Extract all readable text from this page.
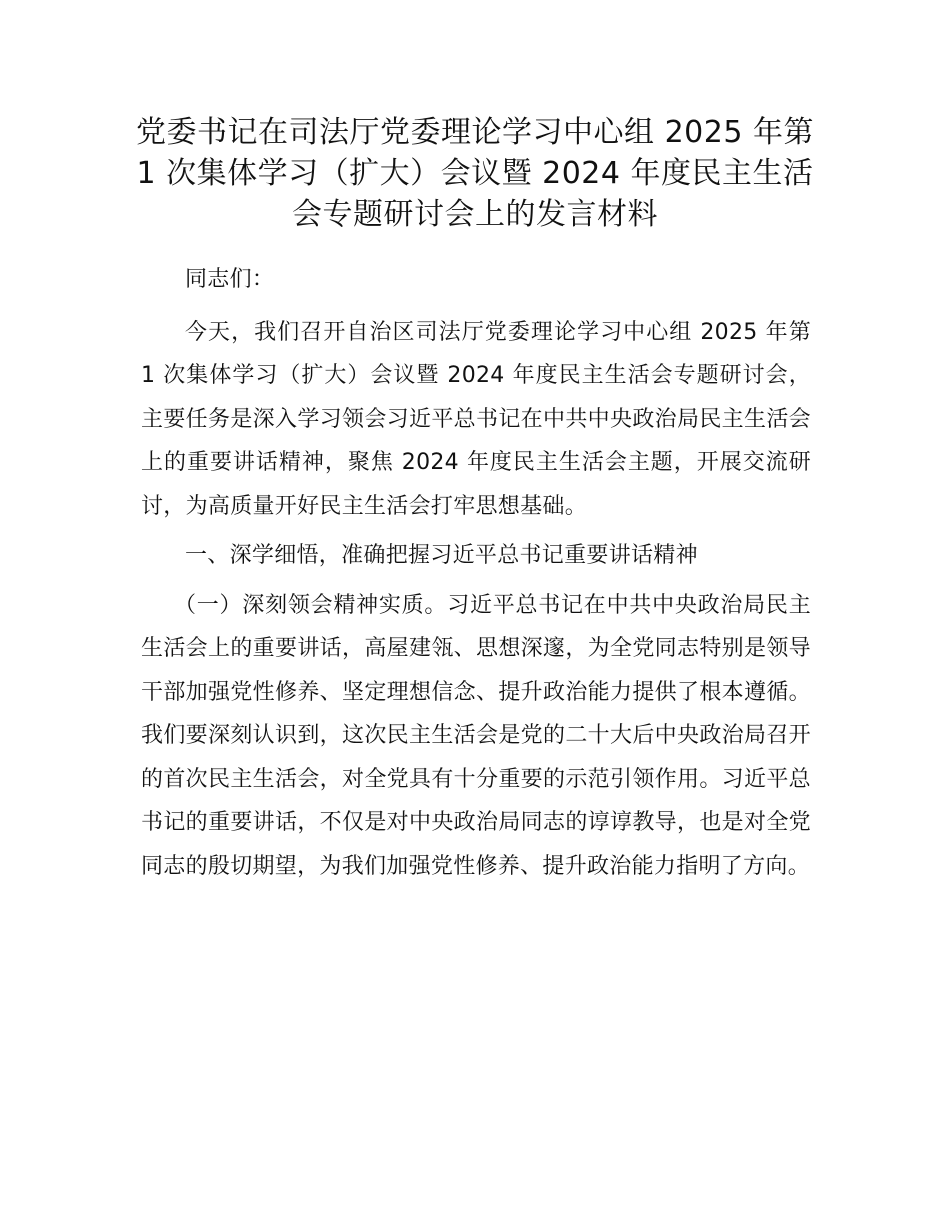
党委书记在司法厅党委理论学习中心组 2025 年第 1 次集体学习（扩大）会议暨 2024 年度民主生活会专题研讨会上的发言材料

同志们：

今天，我们召开自治区司法厅党委理论学习中心组 2025 年第 1 次集体学习（扩大）会议暨 2024 年度民主生活会专题研讨会，主要任务是深入学习领会习近平总书记在中共中央政治局民主生活会上的重要讲话精神，聚焦 2024 年度民主生活会主题，开展交流研讨，为高质量开好民主生活会打牢思想基础。

一、深学细悟，准确把握习近平总书记重要讲话精神

（一）深刻领会精神实质。习近平总书记在中共中央政治局民主生活会上的重要讲话，高屋建瓴、思想深邃，为全党同志特别是领导干部加强党性修养、坚定理想信念、提升政治能力提供了根本遵循。我们要深刻认识到，这次民主生活会是党的二十大后中央政治局召开的首次民主生活会，对全党具有十分重要的示范引领作用。习近平总书记的重要讲话，不仅是对中央政治局同志的谆谆教导，也是对全党同志的殷切期望，为我们加强党性修养、提升政治能力指明了方向。
